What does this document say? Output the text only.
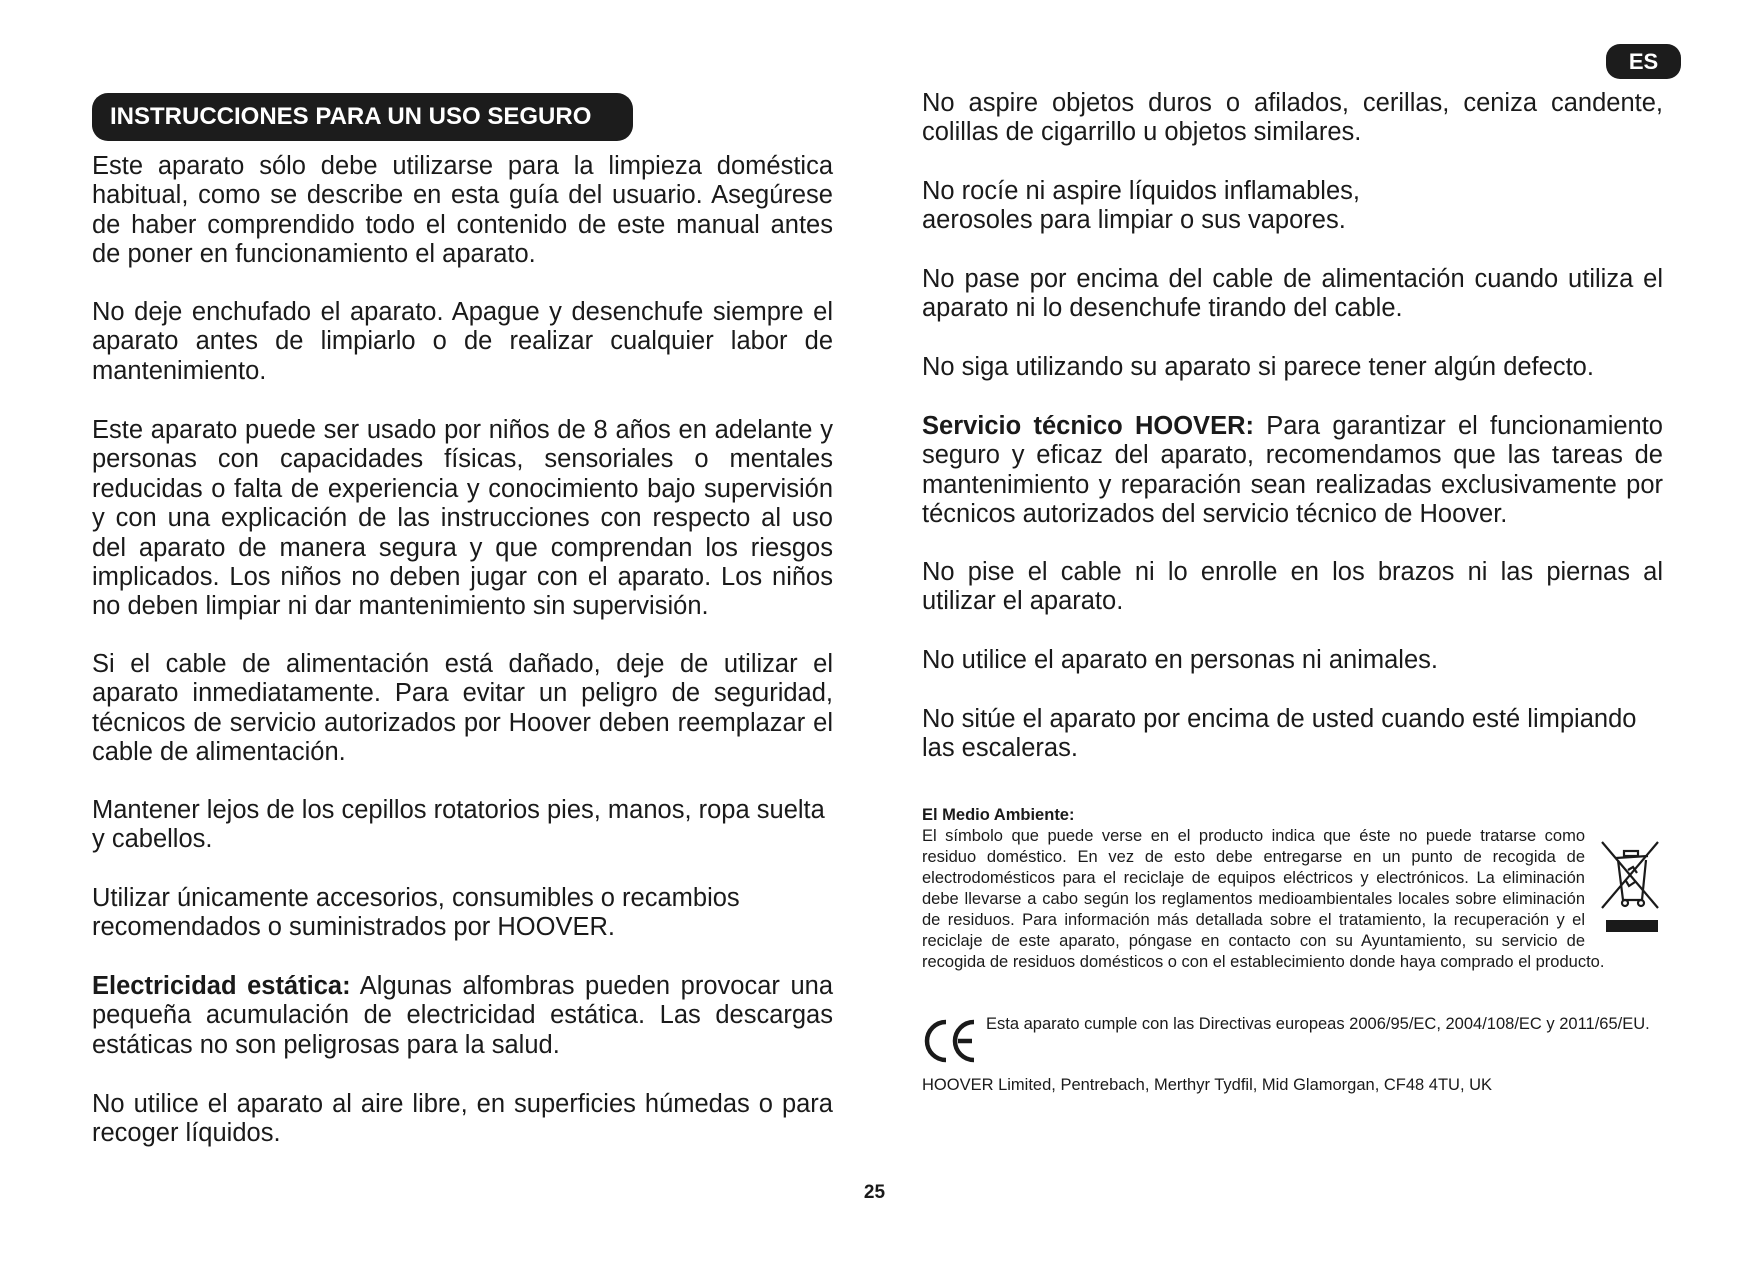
ES
INSTRUCCIONES PARA UN USO SEGURO

Este aparato sólo debe utilizarse para la limpieza doméstica habitual, como se describe en esta guía del usuario. Asegúrese de haber comprendido todo el contenido de este manual antes de poner en funcionamiento el aparato.

No deje enchufado el aparato. Apague y desenchufe siempre el aparato antes de limpiarlo o de realizar cualquier labor de mantenimiento.

Este aparato puede ser usado por niños de 8 años en adelante y personas con capacidades físicas, sensoriales o mentales reducidas o falta de experiencia y conocimiento bajo supervisión y con una explicación de las instrucciones con respecto al uso del aparato de manera segura y que comprendan los riesgos implicados. Los niños no deben jugar con el aparato. Los niños no deben limpiar ni dar mantenimiento sin supervisión.

Si el cable de alimentación está dañado, deje de utilizar el aparato inmediatamente. Para evitar un peligro de seguridad, técnicos de servicio autorizados por Hoover deben reemplazar el cable de alimentación.

Mantener lejos de los cepillos rotatorios pies, manos, ropa suelta y cabellos.

Utilizar únicamente accesorios, consumibles o recambios recomendados o suministrados por HOOVER.

Electricidad estática: Algunas alfombras pueden provocar una pequeña acumulación de electricidad estática. Las descargas estáticas no son peligrosas para la salud.

No utilice el aparato al aire libre, en superficies húmedas o para recoger líquidos.

No aspire objetos duros o afilados, cerillas, ceniza candente, colillas de cigarrillo u objetos similares.

No rocíe ni aspire líquidos inflamables,
aerosoles para limpiar o sus vapores.

No pase por encima del cable de alimentación cuando utiliza el aparato ni lo desenchufe tirando del cable.

No siga utilizando su aparato si parece tener algún defecto.

Servicio técnico HOOVER: Para garantizar el funcionamiento seguro y eficaz del aparato, recomendamos que las tareas de mantenimiento y reparación sean realizadas exclusivamente por técnicos autorizados del servicio técnico de Hoover.

No pise el cable ni lo enrolle en los brazos ni las piernas al utilizar el aparato.

No utilice el aparato en personas ni animales.

No sitúe el aparato por encima de usted cuando esté limpiando las escaleras.

El Medio Ambiente:
El símbolo que puede verse en el producto indica que éste no puede tratarse como residuo doméstico. En vez de esto debe entregarse en un punto de recogida de electrodomésticos para el reciclaje de equipos eléctricos y electrónicos. La eliminación debe llevarse a cabo según los reglamentos medioambientales locales sobre eliminación de residuos. Para información más detallada sobre el tratamiento, la recuperación y el reciclaje de este aparato, póngase en contacto con su Ayuntamiento, su servicio de recogida de residuos domésticos o con el establecimiento donde haya comprado el producto.
Esta aparato cumple con las Directivas europeas 2006/95/EC, 2004/108/EC y 2011/65/EU.
HOOVER Limited, Pentrebach, Merthyr Tydfil, Mid Glamorgan, CF48 4TU, UK
25
